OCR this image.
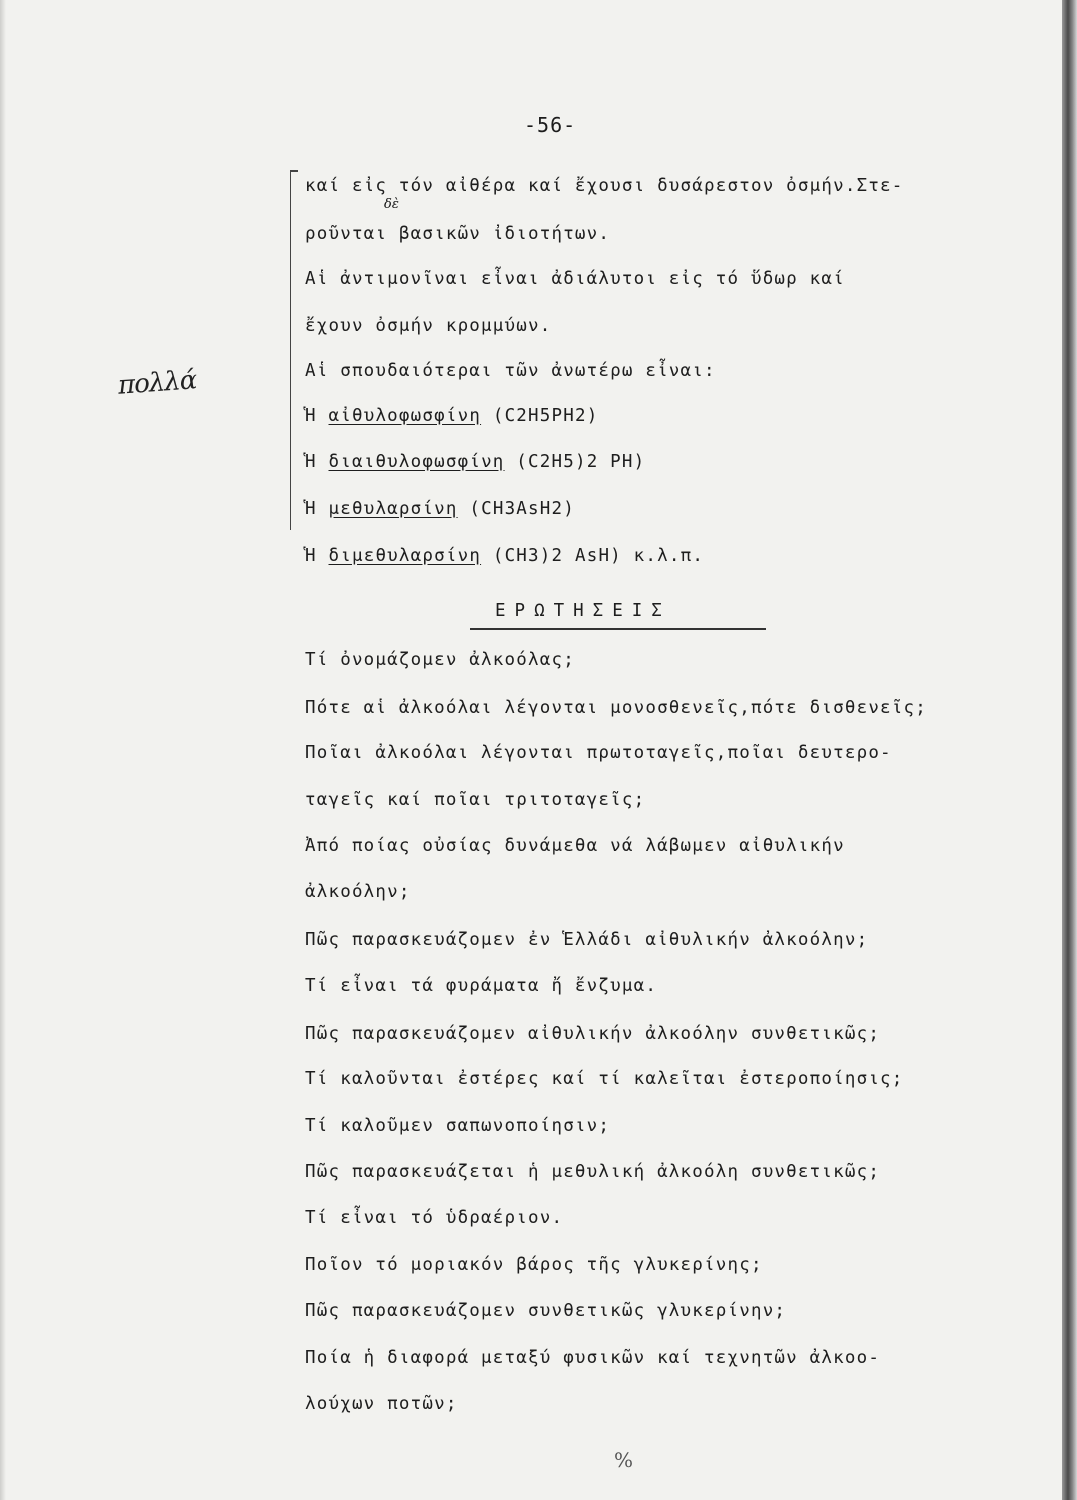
-56-
πολλά
δὲ
καί εἰς τόν αἰθέρα καί ἔχουσι δυσάρεστον ὀσμήν.Στε-
ροῦνται βασικῶν ἰδιοτήτων.
Αἱ ἀντιμονῖναι εἶναι ἀδιάλυτοι εἰς τό ὕδωρ καί
ἔχουν ὀσμήν κρομμύων.
Αἱ σπουδαιότεραι τῶν ἀνωτέρω εἶναι:
Ἡ αἰθυλοφωσφίνη (C2H5PH2)
Ἡ διαιθυλοφωσφίνη (C2H5)2 PH)
Ἡ μεθυλαρσίνη (CH3AsH2)
Ἡ διμεθυλαρσίνη (CH3)2 AsH) κ.λ.π.
ΕΡΩΤΗΣΕΙΣ
Τί ὀνομάζομεν ἀλκοόλας;
Πότε αἱ ἀλκοόλαι λέγονται μονοσθενεῖς,πότε δισθενεῖς;
Ποῖαι ἀλκοόλαι λέγονται πρωτοταγεῖς,ποῖαι δευτερο-
ταγεῖς καί ποῖαι τριτοταγεῖς;
Ἀπό ποίας οὐσίας δυνάμεθα νά λάβωμεν αἰθυλικήν
ἀλκοόλην;
Πῶς παρασκευάζομεν ἐν Ἑλλάδι αἰθυλικήν ἀλκοόλην;
Τί εἶναι τά φυράματα ἤ ἔνζυμα.
Πῶς παρασκευάζομεν αἰθυλικήν ἀλκοόλην συνθετικῶς;
Τί καλοῦνται ἐστέρες καί τί καλεῖται ἐστεροποίησις;
Τί καλοῦμεν σαπωνοποίησιν;
Πῶς παρασκευάζεται ἡ μεθυλική ἀλκοόλη συνθετικῶς;
Τί εἶναι τό ὑδραέριον.
Ποῖον τό μοριακόν βάρος τῆς γλυκερίνης;
Πῶς παρασκευάζομεν συνθετικῶς γλυκερίνην;
Ποία ἡ διαφορά μεταξύ φυσικῶν καί τεχνητῶν ἀλκοο-
λούχων ποτῶν;
%
